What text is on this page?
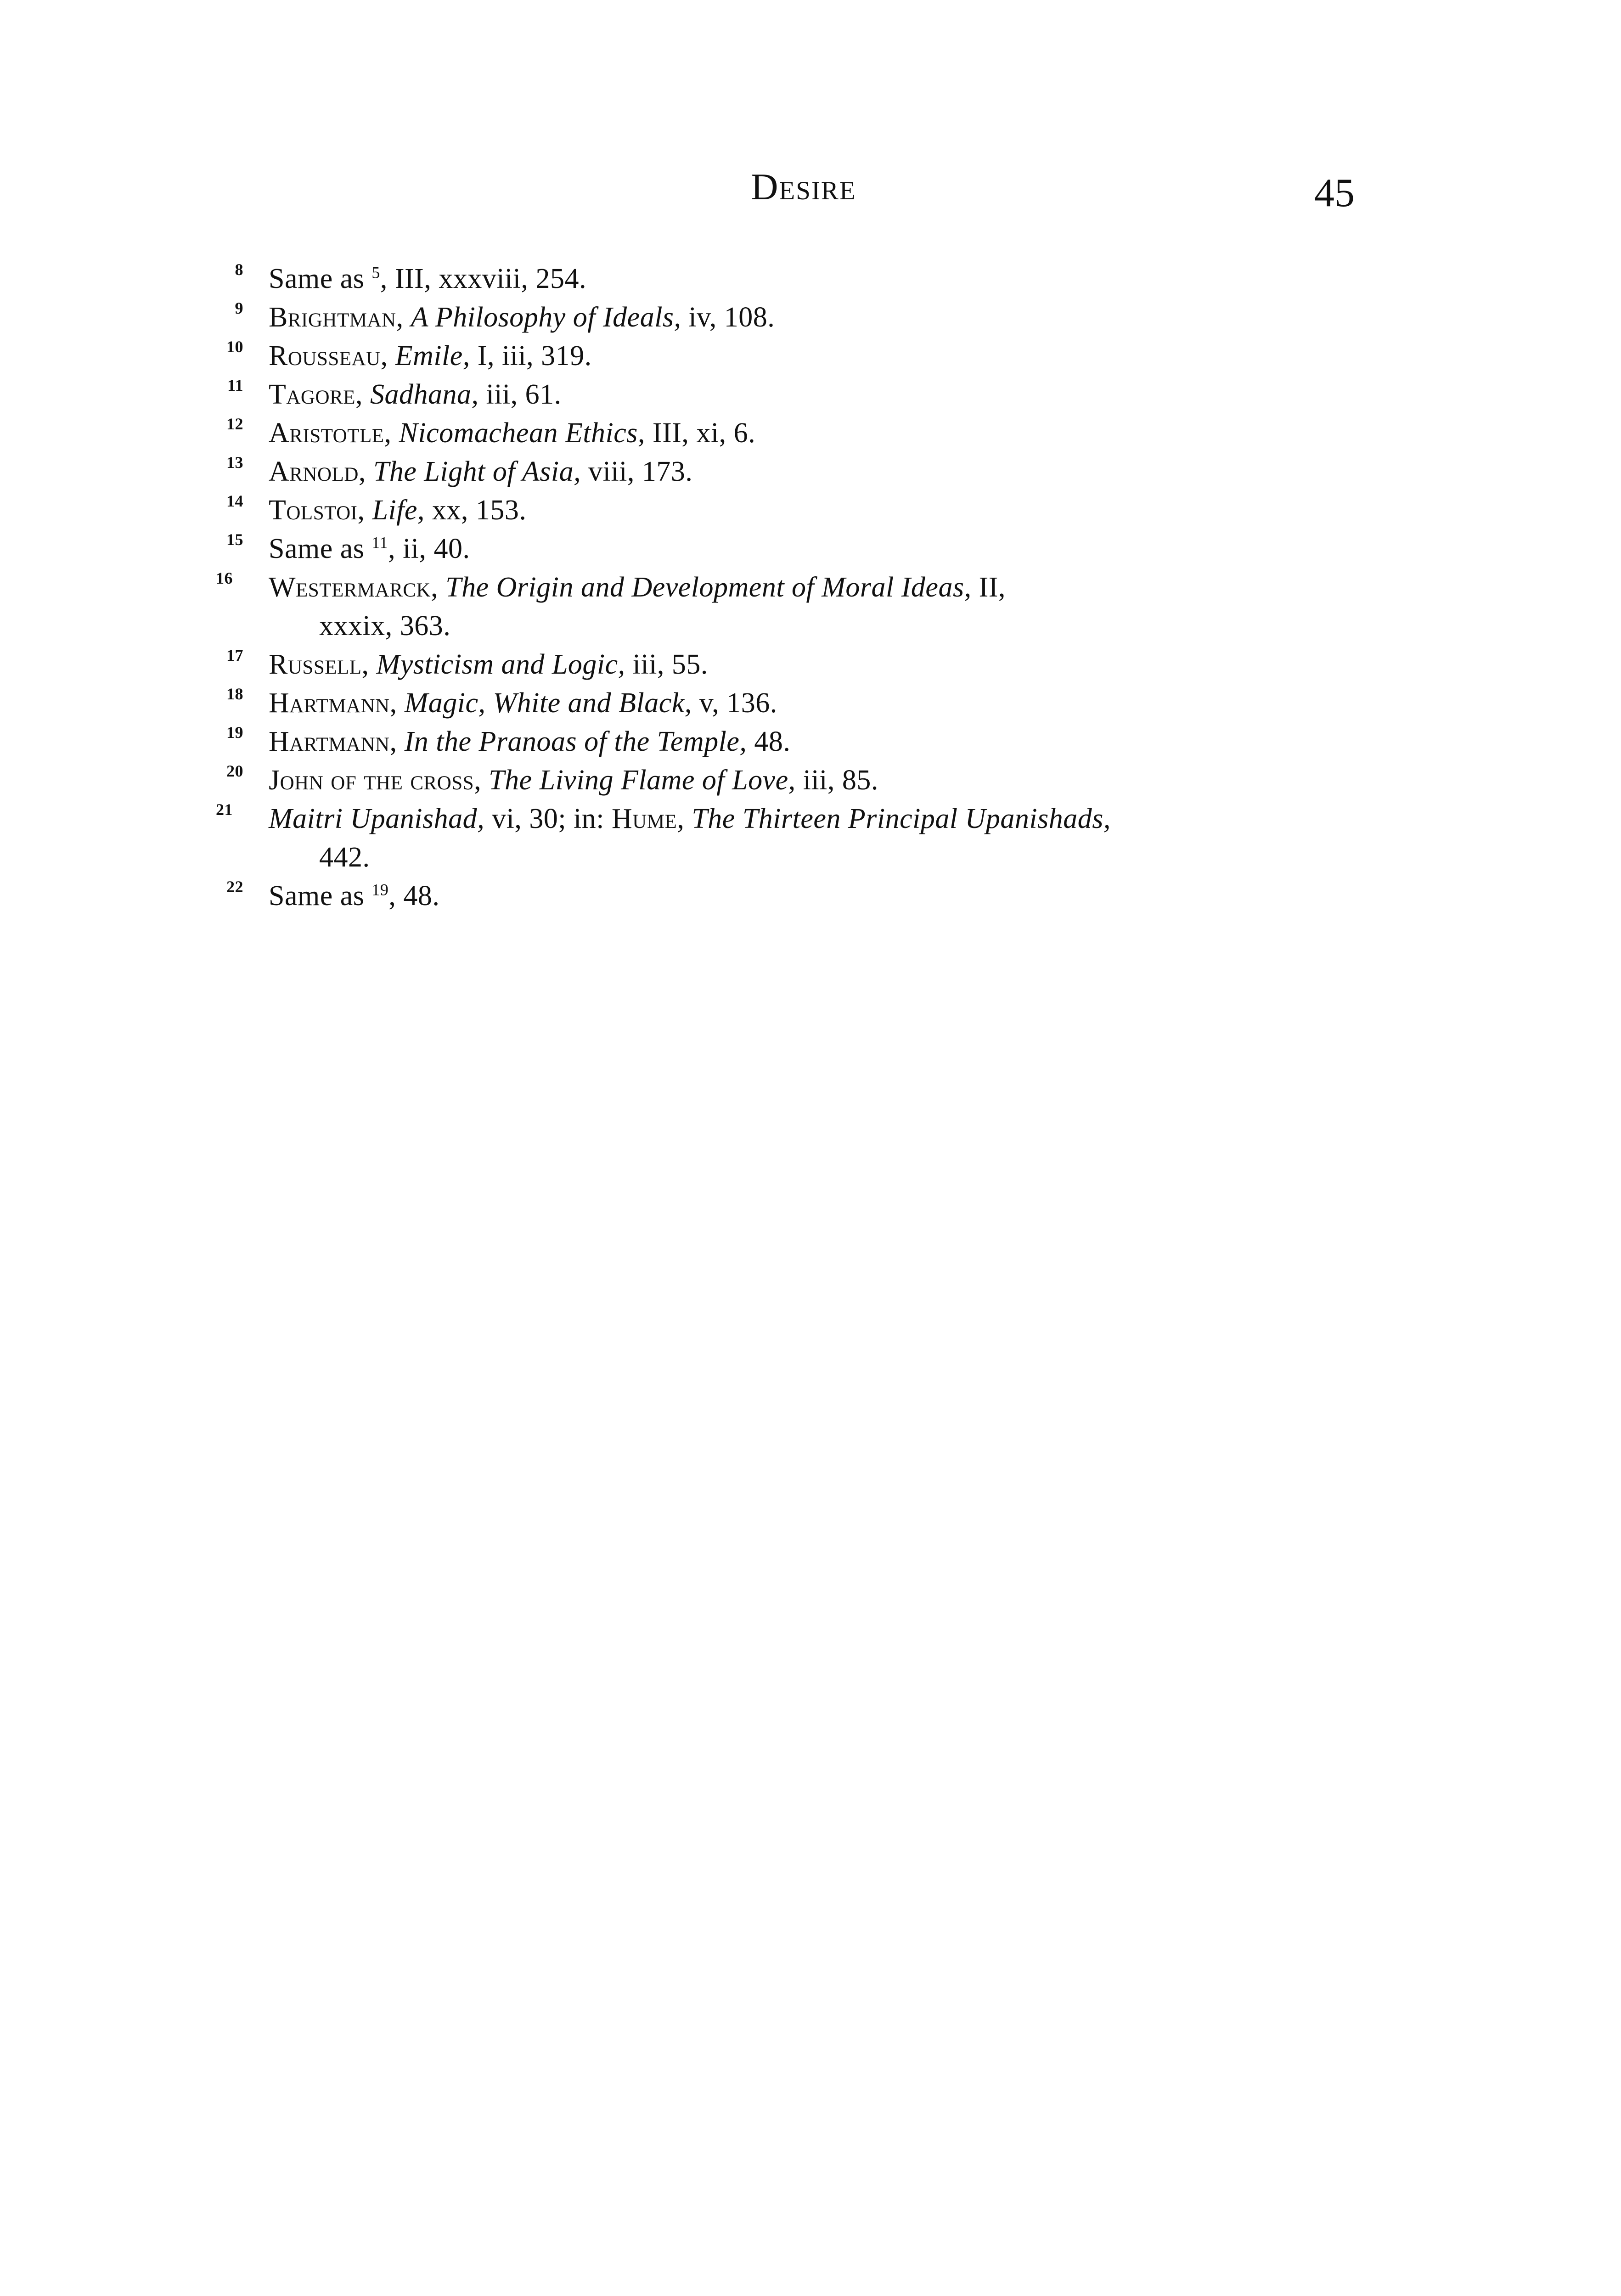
Desire	45
8 Same as $^5$, III, xxxviii, 254.
9 Brightman, A Philosophy of Ideals, iv, 108.
10 Rousseau, Emile, I, iii, 319.
11 Tagore, Sadhana, iii, 61.
12 Aristotle, Nicomachean Ethics, III, xi, 6.
13 Arnold, The Light of Asia, viii, 173.
14 Tolstoi, Life, xx, 153.
15 Same as $^{11}$, ii, 40.
16	Westermarck, The Origin and Development of Moral Ideas, II,
xxxix, 363.
17 Russell, Mysticism and Logic, iii, 55.
18 Hartmann, Magic, White and Black, v, 136.
19 Hartmann, In the Pranoas of the Temple, 48.
20 John of the cross, The Living Flame of Love, iii, 85.
21	Maitri Upanishad, vi, 30; in: Hume, The Thirteen Principal Upanishads,
442.
22 Same as $^{19}$, 48.
